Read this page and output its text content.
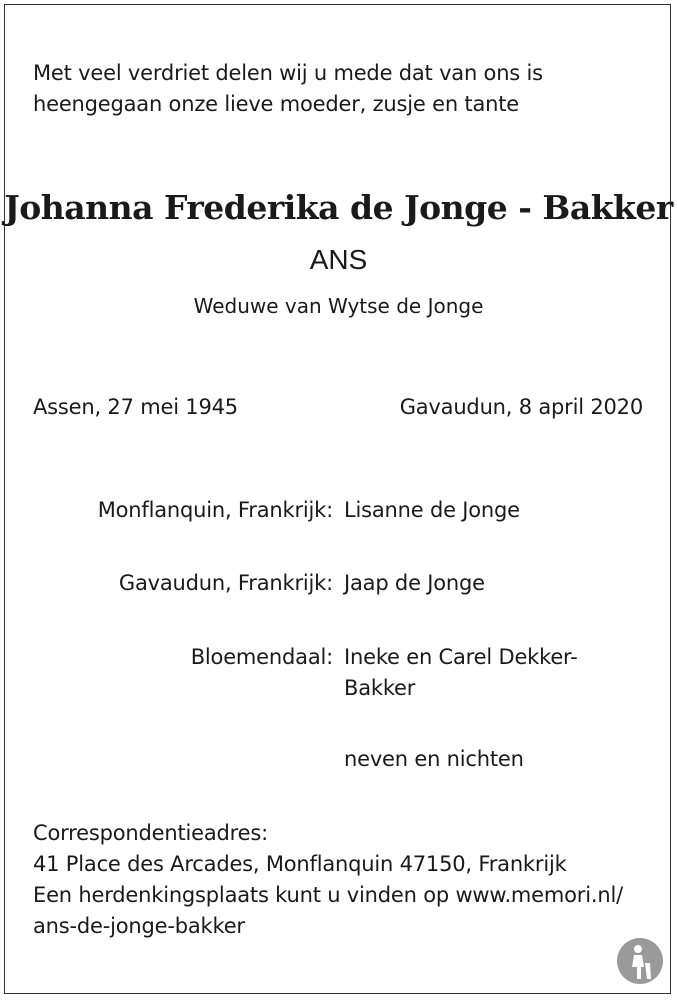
Met veel verdriet delen wij u mede dat van ons is
heengegaan onze lieve moeder, zusje en tante
Johanna Frederika de Jonge - Bakker
ANS
Weduwe van Wytse de Jonge
Assen, 27 mei 1945	Gavaudun, 8 april 2020
Monflanquin, Frankrijk: Lisanne de Jonge
Gavaudun, Frankrijk: Jaap de Jonge
Bloemendaal: Ineke en Carel Dekker-Bakker
neven en nichten
Correspondentieadres:
41 Place des Arcades, Monflanquin 47150, Frankrijk
Een herdenkingsplaats kunt u vinden op www.memori.nl/
ans-de-jonge-bakker
